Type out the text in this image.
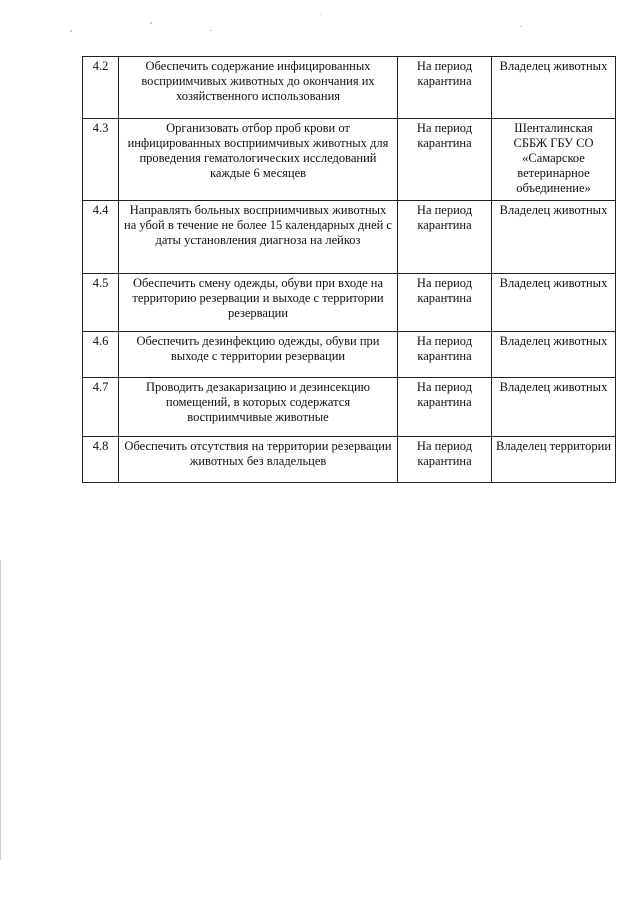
4.2	Обеспечить содержание инфицированных восприимчивых животных до окончания их хозяйственного использования	На период карантина	Владелец животных
4.3	Организовать отбор проб крови от инфицированных восприимчивых животных для проведения гематологических исследований каждые 6 месяцев	На период карантина	Шенталинская СББЖ ГБУ СО «Самарское ветеринарное объединение»
4.4	Направлять больных восприимчивых животных на убой в течение не более 15 календарных дней с даты установления диагноза на лейкоз	На период карантина	Владелец животных
4.5	Обеспечить смену одежды, обуви при входе на территорию резервации и выходе с территории резервации	На период карантина	Владелец животных
4.6	Обеспечить дезинфекцию одежды, обуви при выходе с территории резервации	На период карантина	Владелец животных
4.7	Проводить дезакаризацию и дезинсекцию помещений, в которых содержатся восприимчивые животные	На период карантина	Владелец животных
4.8	Обеспечить отсутствия на территории резервации животных без владельцев	На период карантина	Владелец территории
